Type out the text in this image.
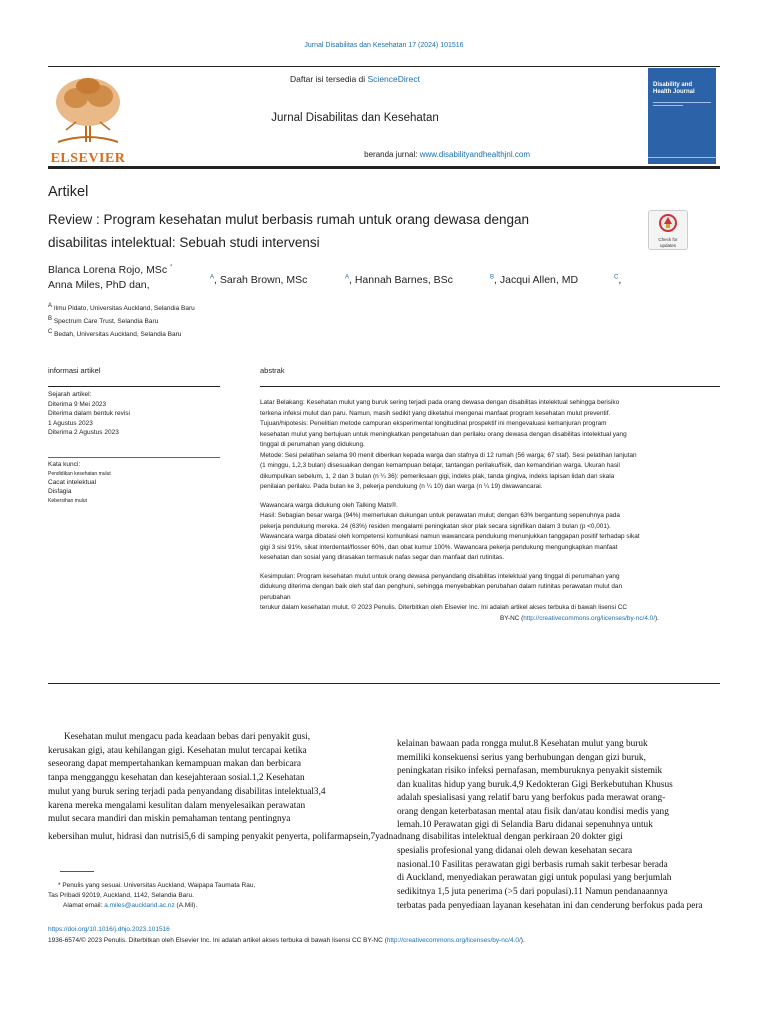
Jurnal Disabilitas dan Kesehatan 17 (2024) 101516
ELSEVIER
Daftar isi tersedia di ScienceDirect
Jurnal Disabilitas dan Kesehatan
beranda jurnal: www.disabilityandhealthjnl.com
Disability and Health Journal
Artikel
Review : Program kesehatan mulut berbasis rumah untuk orang dewasa dengan
disabilitas intelektual: Sebuah studi intervensi	Check for updates
Blanca Lorena Rojo, MSc *
Anna Miles, PhD dan,
$^A$, Sarah Brown, MSc	$^A$, Hannah Barnes, BSc	$^B$, Jacqui Allen, MD	$^C$,
A Ilmu Pidato, Universitas Auckland, Selandia Baru
B Spectrum Care Trust, Selandia Baru
C Bedah, Universitas Auckland, Selandia Baru
informasi artikel
Sejarah artikel:
Diterima 9 Mei 2023
Diterima dalam bentuk revisi
1 Agustus 2023
Diterima 2 Agustus 2023
Kata kunci:
Pendidikan kesehatan mulut
Cacat intelektual
Disfagia
Kebersihan mulut
abstrak
Latar Belakang: Kesehatan mulut yang buruk sering terjadi pada orang dewasa dengan disabilitas intelektual sehingga berisiko
terkena infeksi mulut dan paru. Namun, masih sedikit yang diketahui mengenai manfaat program kesehatan mulut preventif.
Tujuan/hipotesis: Penelitian metode campuran eksperimental longitudinal prospektif ini mengevaluasi kemanjuran program
kesehatan mulut yang bertujuan untuk meningkatkan pengetahuan dan perilaku orang dewasa dengan disabilitas intelektual yang
tinggal di perumahan yang didukung.
Metode: Sesi pelatihan selama 90 menit diberikan kepada warga dan stafnya di 12 rumah (56 warga; 67 staf). Sesi pelatihan lanjutan
(1 minggu, 1,2,3 bulan) disesuaikan dengan kemampuan belajar, tantangan perilaku/fisik, dan kemandirian warga. Ukuran hasil
dikumpulkan sebelum, 1, 2 dan 3 bulan (n ¼ 36): pemeriksaan gigi, indeks plak, tanda gingiva, indeks lapisan lidah dan skala
penilaian perilaku. Pada bulan ke 3, pekerja pendukung (n ¼ 10) dan warga (n ¼ 19) diwawancarai.
Wawancara warga didukung oleh Talking Mats®.
Hasil: Sebagian besar warga (94%) memerlukan dukungan untuk perawatan mulut; dengan 63% bergantung sepenuhnya pada
pekerja pendukung mereka. 24 (63%) residen mengalami peningkatan skor plak secara signifikan dalam 3 bulan (p <0,001).
Wawancara warga dibatasi oleh kompetensi komunikasi namun wawancara pendukung menunjukkan tanggapan positif terhadap sikat
gigi 3 sisi 91%, sikat interdental/flosser 60%, dan obat kumur 100%. Wawancara pekerja pendukung mengungkapkan manfaat
kesehatan dan sosial yang dirasakan termasuk nafas segar dan manfaat dari rutinitas.
Kesimpulan: Program kesehatan mulut untuk orang dewasa penyandang disabilitas intelektual yang tinggal di perumahan yang
didukung diterima dengan baik oleh staf dan penghuni, sehingga menyebabkan perubahan dalam rutinitas perawatan mulut dan
perubahan
terukur dalam kesehatan mulut. © 2023 Penulis. Diterbitkan oleh Elsevier Inc. Ini adalah artikel akses terbuka di bawah lisensi CC
BY-NC (http://creativecommons.org/licenses/by-nc/4.0/).
Kesehatan mulut mengacu pada keadaan bebas dari penyakit gusi,
kerusakan gigi, atau kehilangan gigi. Kesehatan mulut tercapai ketika
seseorang dapat mempertahankan kemampuan makan dan berbicara
tanpa mengganggu kesehatan dan kesejahteraan sosial.1,2 Kesehatan
mulut yang buruk sering terjadi pada penyandang disabilitas intelektual3,4
karena mereka mengalami kesulitan dalam menyelesaikan perawatan
mulut secara mandiri dan miskin pemahaman tentang pentingnya
kelainan bawaan pada rongga mulut.8 Kesehatan mulut yang buruk
memiliki konsekuensi serius yang berhubungan dengan gizi buruk,
peningkatan risiko infeksi pernafasan, memburuknya penyakit sistemik
dan kualitas hidup yang buruk.4,9 Kedokteran Gigi Berkebutuhan Khusus
adalah spesialisasi yang relatif baru yang berfokus pada merawat orang-
orang dengan keterbatasan mental atau fisik dan/atau kondisi medis yang
lemah.10 Perawatan gigi di Selandia Baru didanai sepenuhnya untuk
kebersihan mulut, hidrasi dan nutrisi5,6 di samping penyakit penyerta, polifarmapsein,7yadnadnang disabilitas intelektual dengan perkiraan 20 dokter gigi
spesialis profesional yang didanai oleh dewan kesehatan secara
nasional.10 Fasilitas perawatan gigi berbasis rumah sakit terbesar berada
di Auckland, menyediakan perawatan gigi untuk populasi yang berjumlah
sedikitnya 1,5 juta penerima (>5 dari populasi).11 Namun pendanaannya
terbatas pada penyediaan layanan kesehatan ini dan cenderung berfokus pada pera
* Penulis yang sesuai. Universitas Auckland, Waipapa Taumata Rau,
Tas Pribadi 92019, Auckland, 1142, Selandia Baru.
Alamat email: a.miles@auckland.ac.nz (A.Mil).
https://doi.org/10.1016/j.dhjo.2023.101516
1936-6574/© 2023 Penulis. Diterbitkan oleh Elsevier Inc. Ini adalah artikel akses terbuka di bawah lisensi CC BY-NC (http://creativecommons.org/licenses/by-nc/4.0/).
